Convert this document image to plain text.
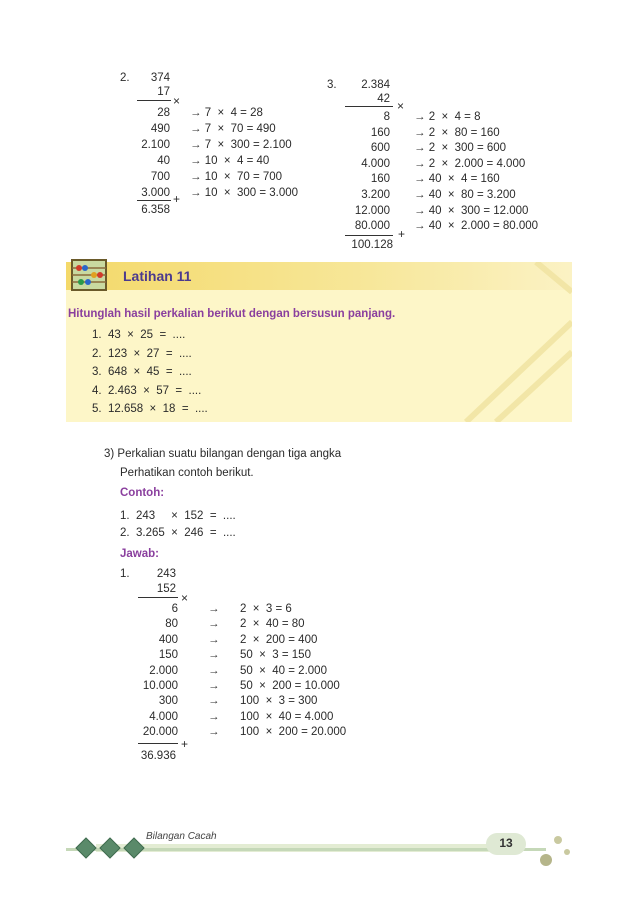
2.	374
17
×
28 → 7  ×  4 = 28
490 → 7  ×  70 = 490
2.100 → 7  ×  300 = 2.100
40 → 10  ×  4 = 40
700 → 10  ×  70 = 700
3.000 → 10  ×  300 = 3.000
+
6.358
3.	2.384
42 ×
8 → 2  ×  4 = 8
160 → 2  ×  80 = 160
600 → 2  ×  300 = 600
4.000 → 2  ×  2.000 = 4.000
160 → 40  ×  4 = 160
3.200 → 40  ×  80 = 3.200
12.000 → 40  ×  300 = 12.000
80.000 → 40  ×  2.000 = 80.000
+
100.128
Latihan 11
Hitunglah hasil perkalian berikut dengan bersusun panjang.
1.  43  ×  25  =  ....
2.  123  ×  27  =  ....
3.  648  ×  45  =  ....
4.  2.463  ×  57  =  ....
5.  12.658  ×  18  =  ....
3) Perkalian suatu bilangan dengan tiga angka
Perhatikan contoh berikut.
Contoh:
1.  243     ×  152  =  ....
2.  3.265  ×  246  =  ....
Jawab:
1.	243
152
×
6	→ 2  ×  3 = 6
80	→ 2  ×  40 = 80
400	→ 2  ×  200 = 400
150	→ 50  ×  3 = 150
2.000	→ 50  ×  40 = 2.000
10.000	→ 50  ×  200 = 10.000
300	→ 100  ×  3 = 300
4.000	→ 100  ×  40 = 4.000
20.000	→ 100  ×  200 = 20.000
+
36.936
Bilangan Cacah	13
